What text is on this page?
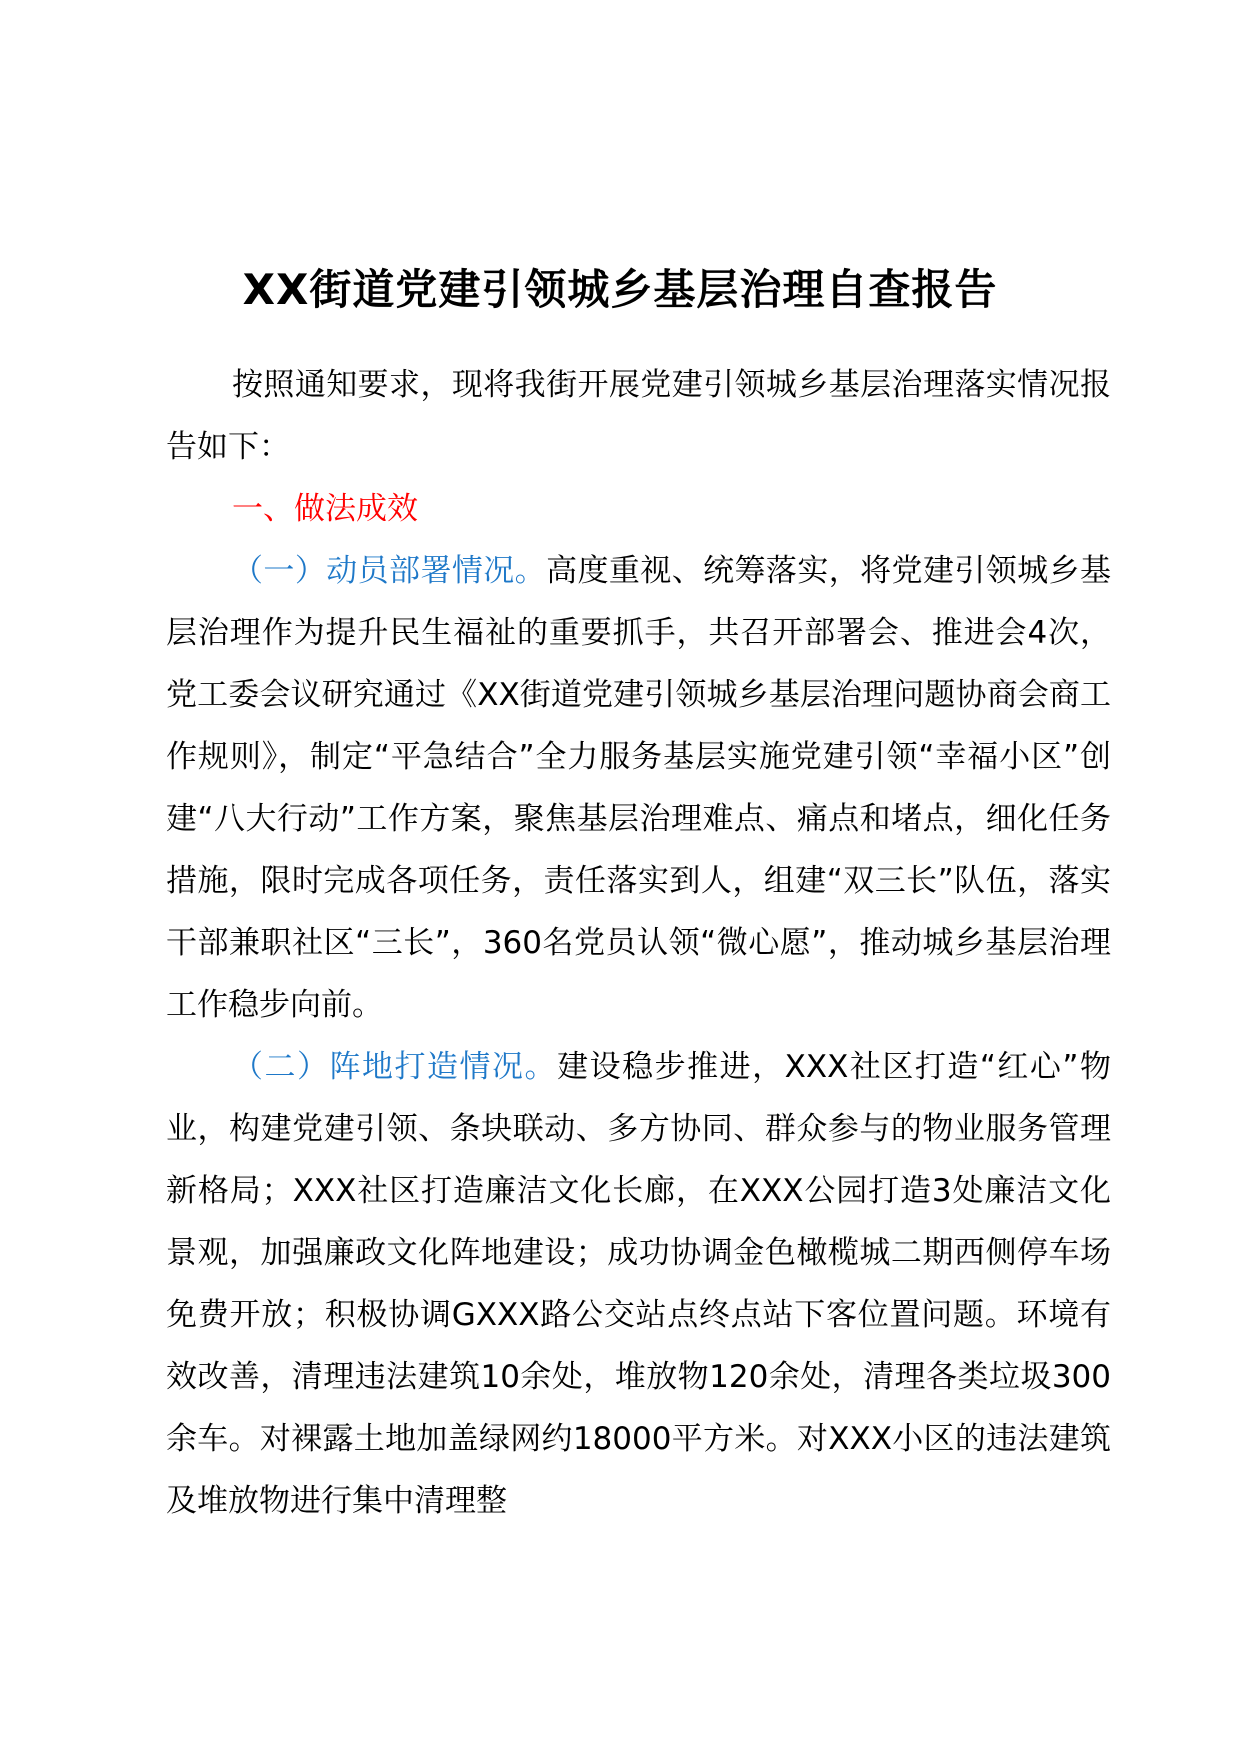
XX街道党建引领城乡基层治理自查报告

按照通知要求，现将我街开展党建引领城乡基层治理落实情况报告如下：

一、做法成效

（一）动员部署情况。高度重视、统筹落实，将党建引领城乡基层治理作为提升民生福祉的重要抓手，共召开部署会、推进会4次，党工委会议研究通过《XX街道党建引领城乡基层治理问题协商会商工作规则》，制定“平急结合”全力服务基层实施党建引领“幸福小区”创建“八大行动”工作方案，聚焦基层治理难点、痛点和堵点，细化任务措施，限时完成各项任务，责任落实到人，组建“双三长”队伍，落实干部兼职社区“三长”，360名党员认领“微心愿”，推动城乡基层治理工作稳步向前。

（二）阵地打造情况。建设稳步推进，XXX社区打造“红心”物业，构建党建引领、条块联动、多方协同、群众参与的物业服务管理新格局；XXX社区打造廉洁文化长廊，在XXX公园打造3处廉洁文化景观，加强廉政文化阵地建设；成功协调金色橄榄城二期西侧停车场免费开放；积极协调GXXX路公交站点终点站下客位置问题。环境有效改善，清理违法建筑10余处，堆放物120余处，清理各类垃圾300余车。对裸露土地加盖绿网约18000平方米。对XXX小区的违法建筑及堆放物进行集中清理整
